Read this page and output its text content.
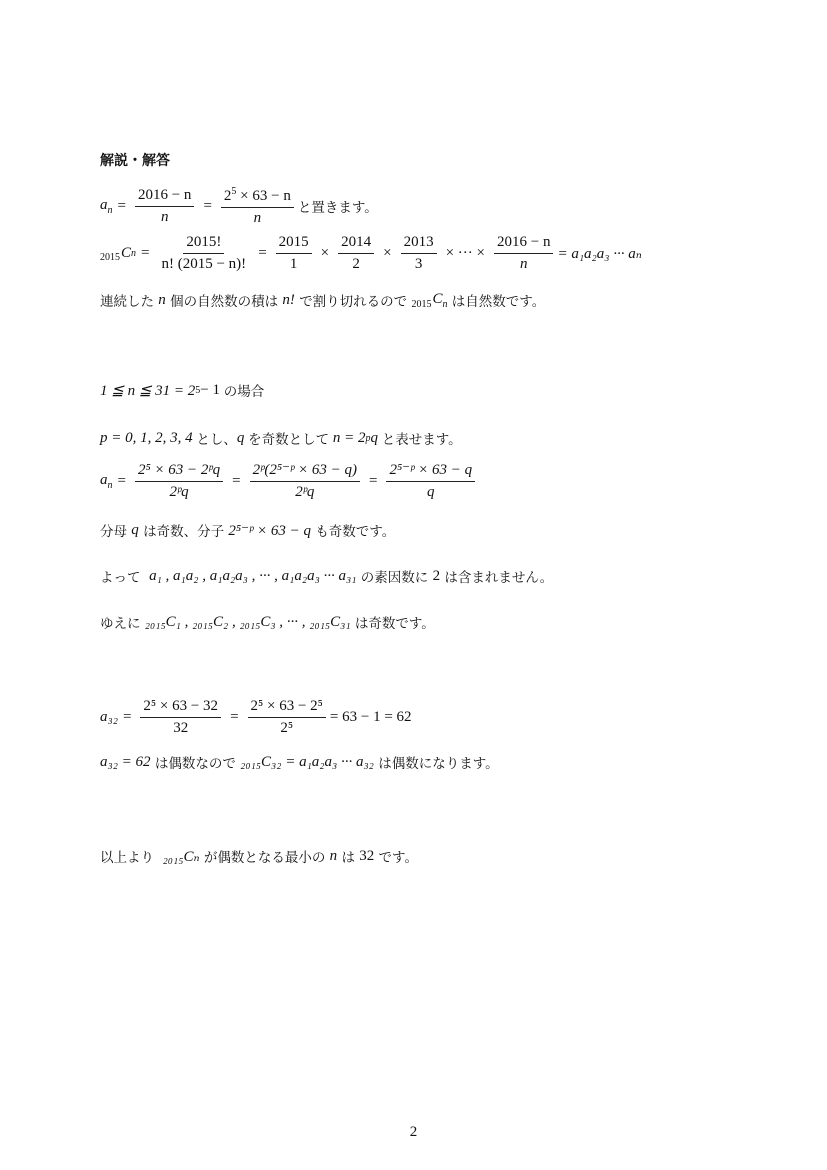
解説・解答
$a_n = \frac{2016 - n}{n} = \frac{2^5 \times 63 - n}{n}$ と置きます。
2015 C $n = \frac{2015!}{n! (2015 - n)!} = \frac{2015}{1} \times \frac{2014}{2} \times \frac{2013}{3}$ × ··· × $\frac{2016 - n}{n} = a_1a_2a_3$ ··· aₙ
連続した
n
個の自然数の積は
n!
で割り切れるので
$_{2015}C_n$
は自然数です。
1 ≦ n ≦ 31 = 2 5 − 1
の場合
p = 0, 1, 2, 3, 4
とし、 q
を奇数として
n = 2 p q
と表せます。
$a_n = \frac{\text{2⁵ × 63 − 2ᵖq}}{\text{2ᵖq}} = \frac{\text{2ᵖ(2⁵⁻ᵖ × 63 − q)}}{\text{2ᵖq}} = \frac{\text{2⁵⁻ᵖ × 63 − q}}{q}$
分母
q
は奇数、分子
2⁵⁻ᵖ × 63 − q
も奇数です。
よって
a₁ , a₁a₂ , a₁a₂a₃ , ··· , a₁a₂a₃ ··· a₃₁
の素因数に
2
は含まれません。
ゆえに
₂₀₁₅C₁ , ₂₀₁₅C₂ , ₂₀₁₅C₃ , ··· , ₂₀₁₅C₃₁
は奇数です。
$a_{32} = \frac{\text{2⁵ × 63 − 32}}{32} = \frac{\text{2⁵ × 63 − 2⁵}}{\text{2⁵}} = 63 - 1 = 62$
a₃₂ = 62
は偶数なので
₂₀₁₅C₃₂ = a₁a₂a₃ ··· a₃₂
は偶数になります。
以上より
₂₀₁₅Cₙ
が偶数となる最小の
n
は
32
です。
2
